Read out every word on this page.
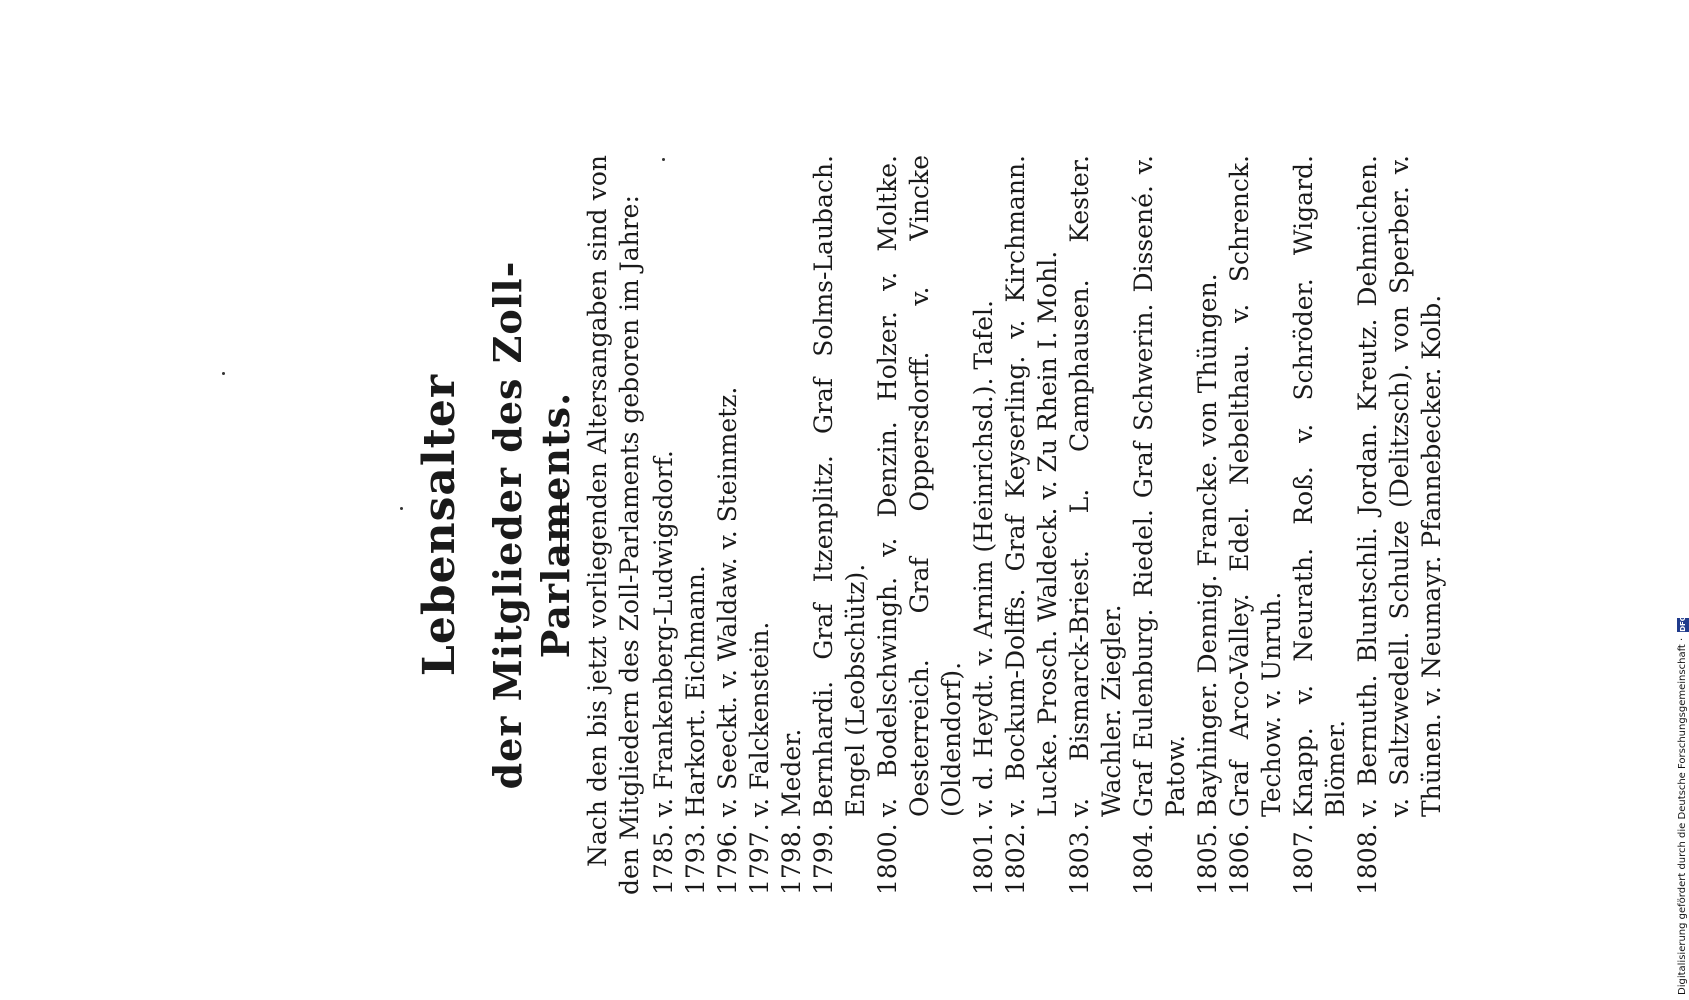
Lebensalter der Mitglieder des Zoll-Parlaments. Nach den bis jetzt vorliegenden Altersangaben sind von den Mitgliedern des Zoll-Parlaments geboren im Jahre: 1785.
v. Frankenberg-Ludwigsdorf.
1793.
Harkort. Eichmann.
1796.
v. Seeckt. v. Waldaw. v. Steinmetz.
1797.
v. Falckenstein.
1798.
Meder.
1799.
Bernhardi. Graf Itzenplitz. Graf Solms-Laubach. Engel (Leobschütz).
1800.
v. Bodelschwingh. v. Denzin. Holzer. v. Moltke. Oesterreich. Graf Oppersdorff. v. Vincke (Oldendorf).
1801.
v. d. Heydt. v. Arnim (Heinrichsd.). Tafel.
1802.
v. Bockum-Dolffs. Graf Keyserling. v. Kirchmann. Lucke. Prosch. Waldeck. v. Zu Rhein I. Mohl.
1803.
v. Bismarck-Briest. L. Camphausen. Kester. Wachler. Ziegler.
1804.
Graf Eulenburg. Riedel. Graf Schwerin. Dissené. v. Patow.
1805.
Bayhinger. Dennig. Francke. von Thüngen.
1806.
Graf Arco-Valley. Edel. Nebelthau. v. Schrenck. Techow. v. Unruh.
1807.
Knapp. v. Neurath. Roß. v. Schröder. Wigard. Blömer.
1808.
v. Bernuth. Bluntschli. Jordan. Kreutz. Dehmichen. v. Saltzwedell. Schulze (Delitzsch). von Sperber. v. Thünen. v. Neumayr. Pfannebecker. Kolb.	Digitalisierung gefördert durch die Deutsche Forschungsgemeinschaft ·
DFG
